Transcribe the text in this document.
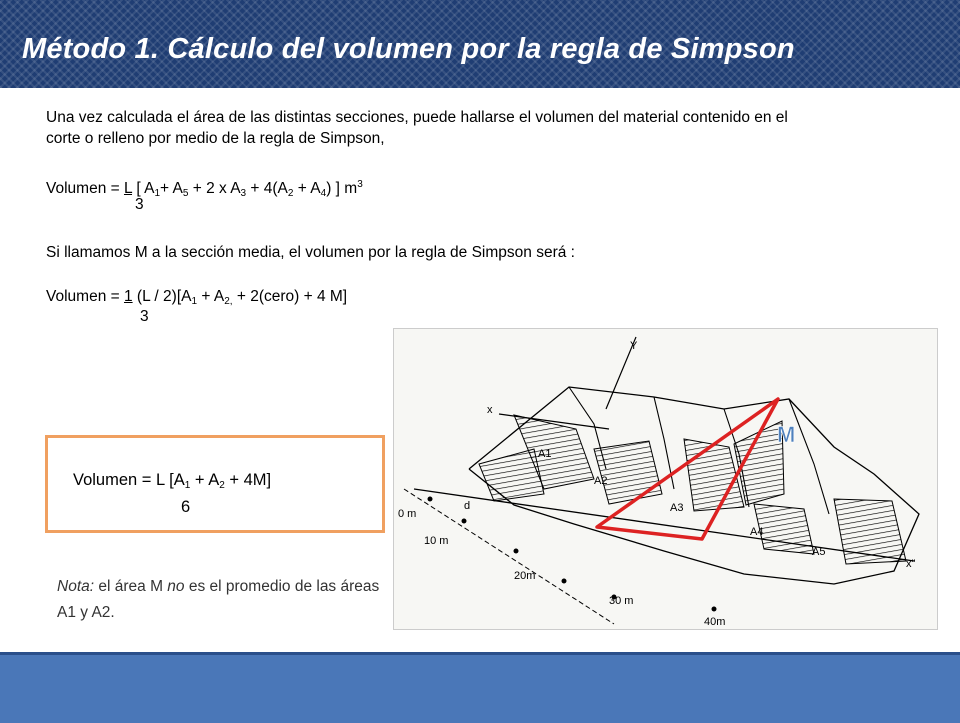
Método 1. Cálculo del volumen por la regla de Simpson
Una vez calculada el área de las distintas secciones, puede hallarse el volumen del material contenido en el corte o relleno por medio de la regla de Simpson,
Volumen = L [ $A_1+ A_5 + 2$ x $A_3 + 4(A_2 + A_4)$ ] $m^3$
3
Si llamamos M a la sección media, el volumen por la regla de Simpson será :
Volumen = 1 $(L / 2)[A_1 + A_{2,}$ + 2(cero) + 4 M]
3
Volumen = L $[A_1 + A_2 + 4M]$
6
Nota: el área M no es el promedio de las áreas A1 y A2.
Y
x
x"
M
A1
A2
A3
A4
A5
0 m
10 m
20m
30 m
40m
d
